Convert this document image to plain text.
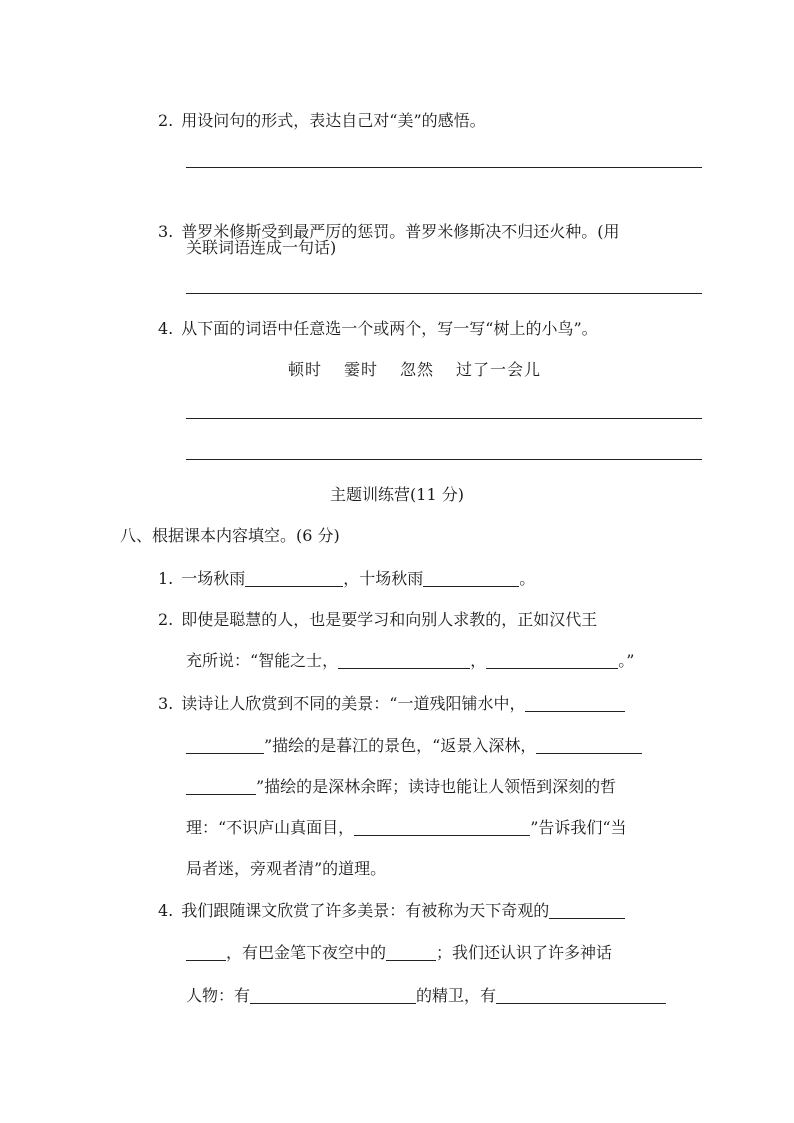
2. 用设问句的形式，表达自己对“美”的感悟。
3. 普罗米修斯受到最严厉的惩罚。普罗米修斯决不归还火种。(用
关联词语连成一句话)
4. 从下面的词语中任意选一个或两个，写一写“树上的小鸟”。
顿时 霎时 忽然 过了一会儿
主题训练营(11 分)
八、根据课本内容填空。(6 分)
1. 一场秋雨	，十场秋雨	。
2. 即使是聪慧的人，也是要学习和向别人求教的，正如汉代王
充所说：“智能之士，	，	。”
3. 读诗让人欣赏到不同的美景：“一道残阳铺水中，
”描绘的是暮江的景色，“返景入深林，
”描绘的是深林余晖；读诗也能让人领悟到深刻的哲
理：“不识庐山真面目，	”告诉我们“当
局者迷，旁观者清”的道理。
4. 我们跟随课文欣赏了许多美景：有被称为天下奇观的
，有巴金笔下夜空中的	；我们还认识了许多神话
人物：有	的精卫，有
